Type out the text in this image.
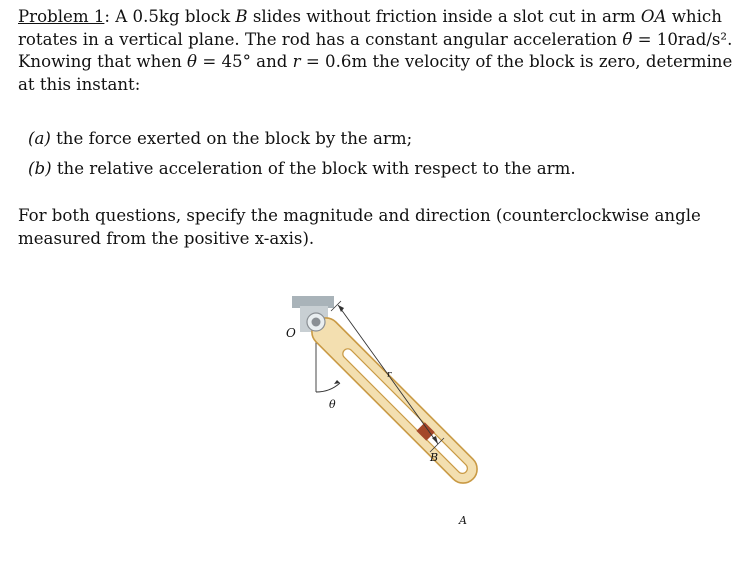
Problem 1: A 0.5kg block B slides without friction inside a slot cut in arm OA which rotates in a vertical plane. The rod has a constant angular acceleration θ̈ = 10rad/s². Knowing that when θ = 45° and r = 0.6m the velocity of the block is zero, determine at this instant:
(a) the force exerted on the block by the arm;
(b) the relative acceleration of the block with respect to the arm.
For both questions, specify the magnitude and direction (counterclockwise angle measured from the positive x-axis).
O
θ
r
B
A
